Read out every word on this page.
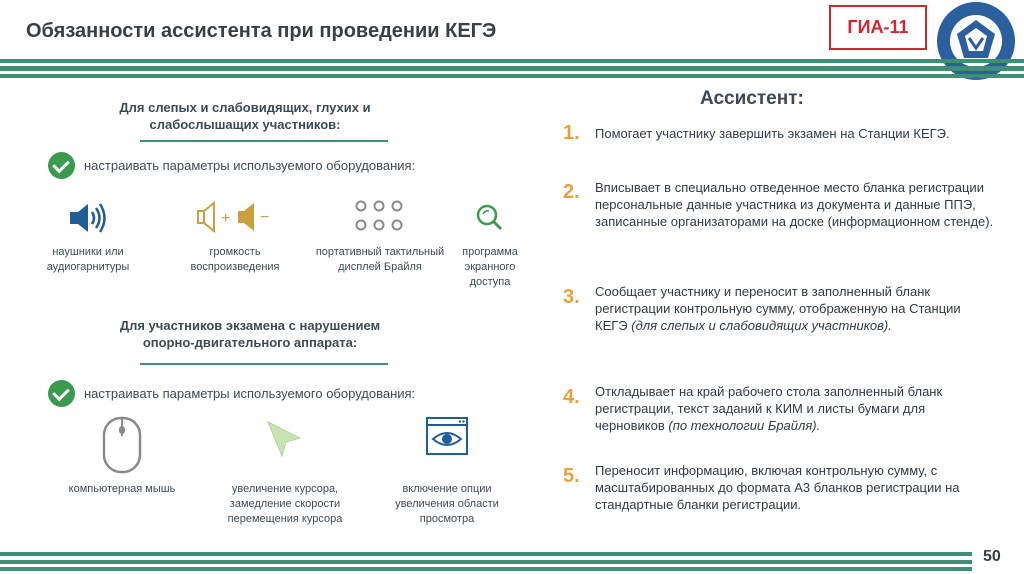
Обязанности ассистента при проведении КЕГЭ	ГИА-11
Для слепых и слабовидящих, глухих и слабослышащих участников:
настраивать параметры используемого оборудования:
наушники или аудиогарнитуры
+ −
громкость воспроизведения
портативный тактильный дисплей Брайля
программа экранного доступа
Для участников экзамена с нарушением опорно-двигательного аппарата:
настраивать параметры используемого оборудования:
компьютерная мышь	увеличение курсора, замедление скорости перемещения курсора
включение опции увеличения области просмотра
Ассистент:
1. Помогает участнику завершить экзамен на Станции КЕГЭ.
2. Вписывает в специально отведенное место бланка регистрации персональные данные участника из документа и данные ППЭ, записанные организаторами на доске (информационном стенде).
3. Сообщает участнику и переносит в заполненный бланк регистрации контрольную сумму, отображенную на Станции КЕГЭ (для слепых и слабовидящих участников).
4. Откладывает на край рабочего стола заполненный бланк регистрации, текст заданий к КИМ и листы бумаги для черновиков (по технологии Брайля).
5. Переносит информацию, включая контрольную сумму, с масштабированных до формата А3 бланков регистрации на стандартные бланки регистрации.
50
